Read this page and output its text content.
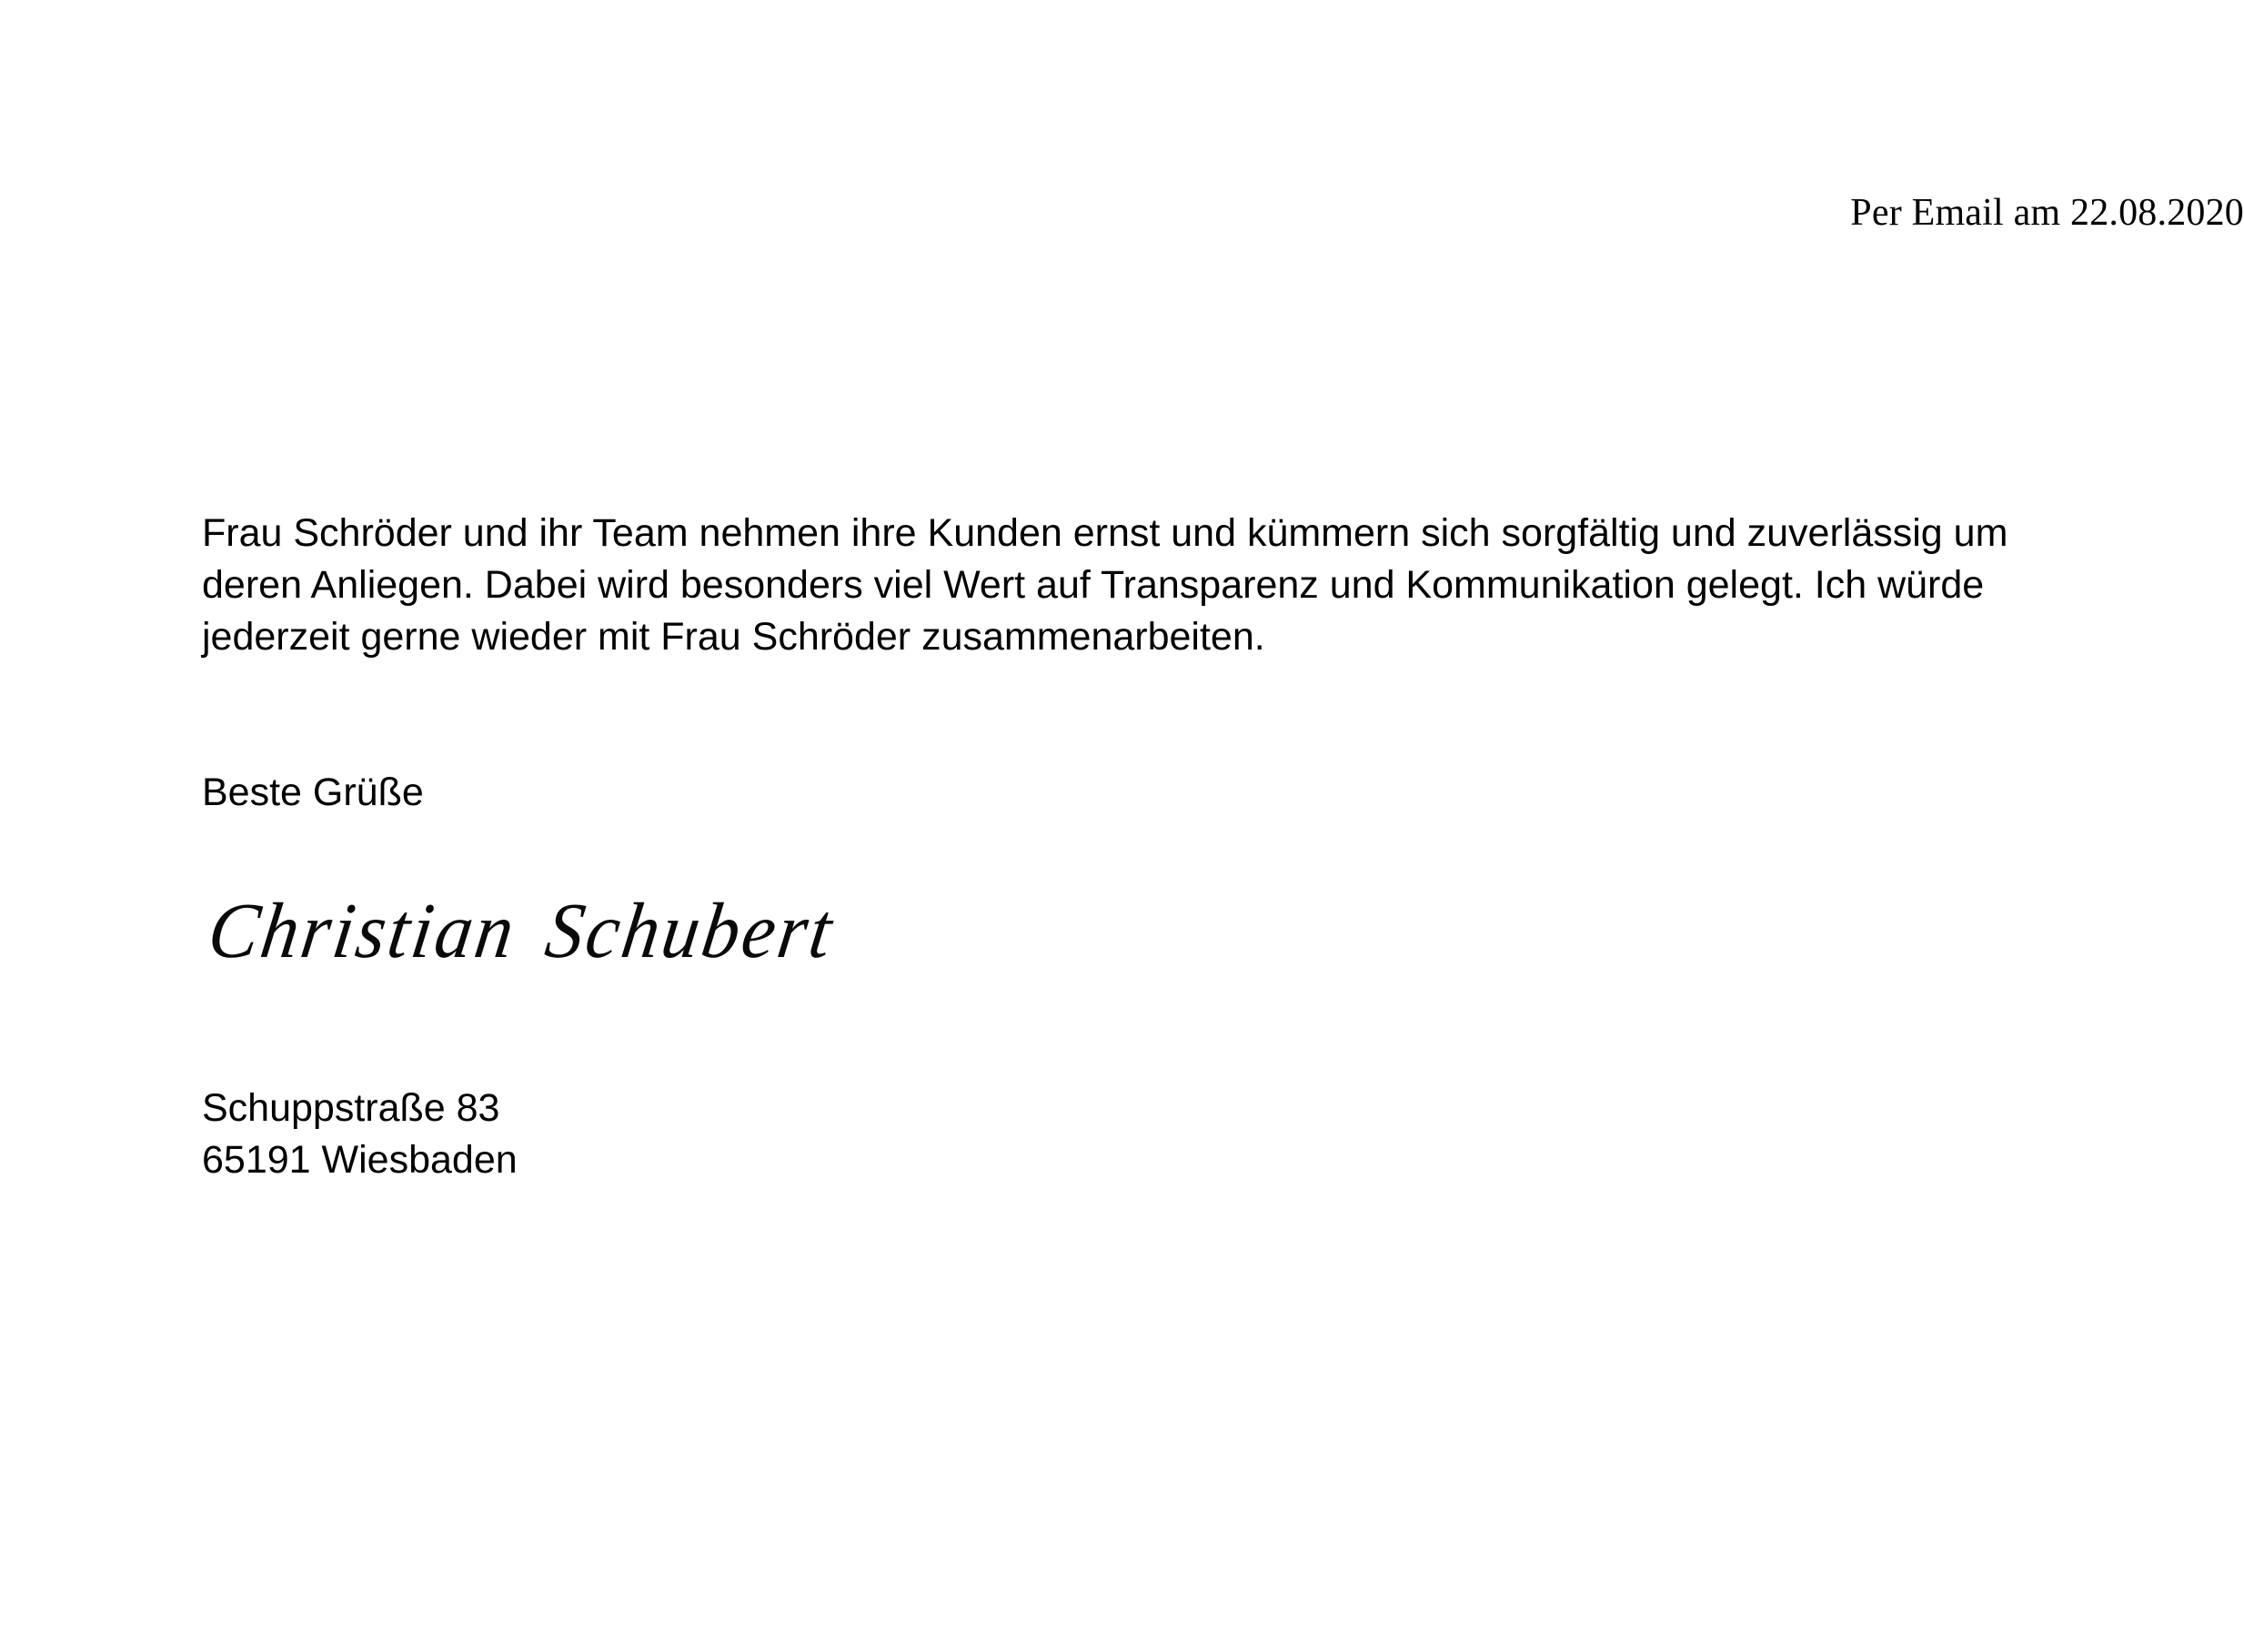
Per Email am 22.08.2020

Frau Schröder und ihr Team nehmen ihre Kunden ernst und kümmern sich sorgfältig und zuverlässig um deren Anliegen. Dabei wird besonders viel Wert auf Transparenz und Kommunikation gelegt. Ich würde jederzeit gerne wieder mit Frau Schröder zusammenarbeiten.

Beste Grüße
Christian Schubert
Schuppstraße 83
65191 Wiesbaden
